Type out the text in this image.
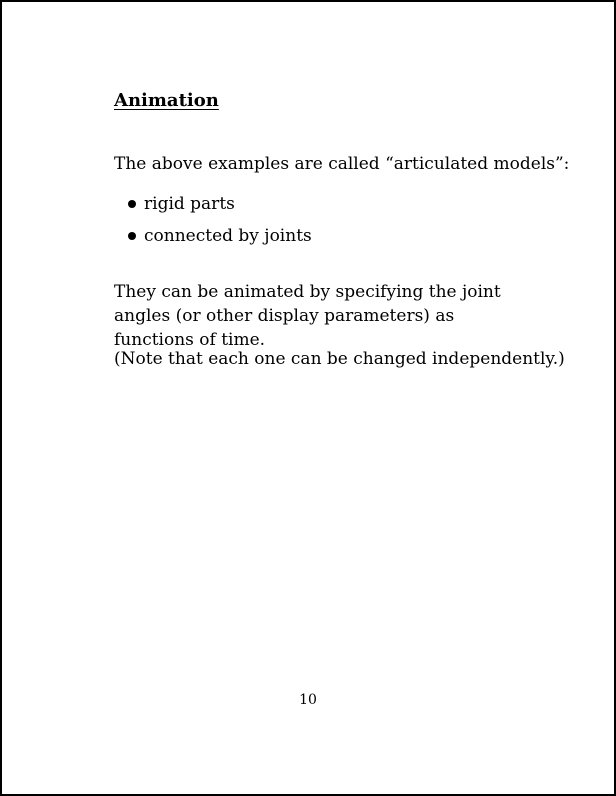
Animation
The above examples are called “articulated models”:
rigid parts
connected by joints
They can be animated by specifying the joint angles (or other display parameters) as functions of time.
(Note that each one can be changed independently.)
10
